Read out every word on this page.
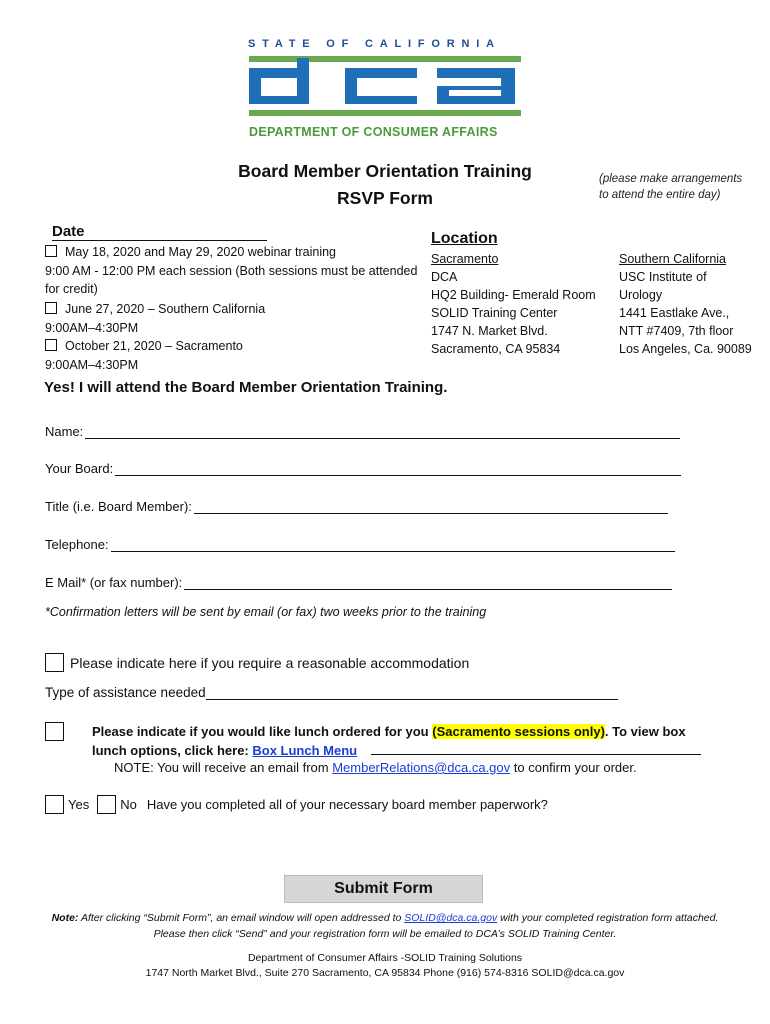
STATE OF CALIFORNIA
DEPARTMENT OF CONSUMER AFFAIRS
Board Member Orientation Training
RSVP Form
(please make arrangements
to attend the entire day)
Date
May 18, 2020 and May 29, 2020 webinar training
9:00 AM - 12:00 PM each session (Both sessions must be attended
for credit)
June 27, 2020 – Southern California
9:00AM–4:30PM
October 21, 2020 – Sacramento
9:00AM–4:30PM
Location
Sacramento
DCA
HQ2 Building- Emerald Room
SOLID Training Center
1747 N. Market Blvd.
Sacramento, CA 95834
Southern California
USC Institute of
Urology
1441 Eastlake Ave.,
NTT #7409, 7th floor
Los Angeles, Ca. 90089
Yes! I will attend the Board Member Orientation Training.
Name:
Your Board:
Title (i.e. Board Member):
Telephone:
E Mail* (or fax number):
*Confirmation letters will be sent by email (or fax) two weeks prior to the training
Please indicate here if you require a reasonable accommodation
Type of assistance needed
Please indicate if you would like lunch ordered for you (Sacramento sessions only). To view box lunch options, click here: Box Lunch Menu
NOTE: You will receive an email from MemberRelations@dca.ca.gov to confirm your order.
Yes No Have you completed all of your necessary board member paperwork?
Submit Form
Note: After clicking “Submit Form”, an email window will open addressed to SOLID@dca.ca.gov with your completed registration form attached. Please then click “Send” and your registration form will be emailed to DCA’s SOLID Training Center.
Department of Consumer Affairs -SOLID Training Solutions
1747 North Market Blvd., Suite 270 Sacramento, CA 95834 Phone (916) 574-8316 SOLID@dca.ca.gov
